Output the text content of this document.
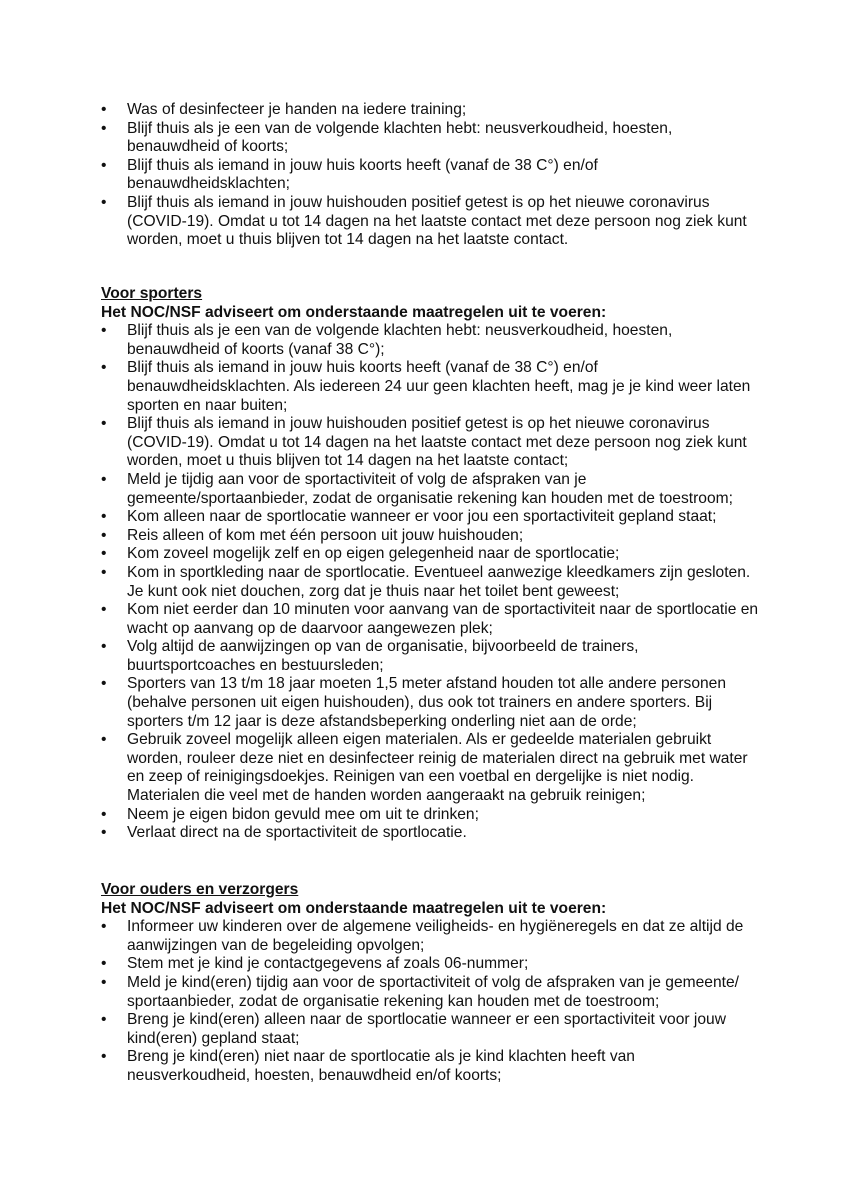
•	Was of desinfecteer je handen na iedere training;
•	Blijf thuis als je een van de volgende klachten hebt: neusverkoudheid, hoesten, benauwdheid of koorts;
•	Blijf thuis als iemand in jouw huis koorts heeft (vanaf de 38 C°) en/of benauwdheidsklachten;
•	Blijf thuis als iemand in jouw huishouden positief getest is op het nieuwe coronavirus (COVID-19). Omdat u tot 14 dagen na het laatste contact met deze persoon nog ziek kunt worden, moet u thuis blijven tot 14 dagen na het laatste contact.
Voor sporters
Het NOC/NSF adviseert om onderstaande maatregelen uit te voeren:
•	Blijf thuis als je een van de volgende klachten hebt: neusverkoudheid, hoesten, benauwdheid of koorts (vanaf 38 C°);
•	Blijf thuis als iemand in jouw huis koorts heeft (vanaf de 38 C°) en/of benauwdheidsklachten. Als iedereen 24 uur geen klachten heeft, mag je je kind weer laten sporten en naar buiten;
•	Blijf thuis als iemand in jouw huishouden positief getest is op het nieuwe coronavirus (COVID-19). Omdat u tot 14 dagen na het laatste contact met deze persoon nog ziek kunt worden, moet u thuis blijven tot 14 dagen na het laatste contact;
•	Meld je tijdig aan voor de sportactiviteit of volg de afspraken van je gemeente/sportaanbieder, zodat de organisatie rekening kan houden met de toestroom;
•	Kom alleen naar de sportlocatie wanneer er voor jou een sportactiviteit gepland staat;
•	Reis alleen of kom met één persoon uit jouw huishouden;
•	Kom zoveel mogelijk zelf en op eigen gelegenheid naar de sportlocatie;
•	Kom in sportkleding naar de sportlocatie. Eventueel aanwezige kleedkamers zijn gesloten. Je kunt ook niet douchen, zorg dat je thuis naar het toilet bent geweest;
•	Kom niet eerder dan 10 minuten voor aanvang van de sportactiviteit naar de sportlocatie en wacht op aanvang op de daarvoor aangewezen plek;
•	Volg altijd de aanwijzingen op van de organisatie, bijvoorbeeld de trainers, buurtsportcoaches en bestuursleden;
•	Sporters van 13 t/m 18 jaar moeten 1,5 meter afstand houden tot alle andere personen (behalve personen uit eigen huishouden), dus ook tot trainers en andere sporters. Bij sporters t/m 12 jaar is deze afstandsbeperking onderling niet aan de orde;
•	Gebruik zoveel mogelijk alleen eigen materialen. Als er gedeelde materialen gebruikt worden, rouleer deze niet en desinfecteer reinig de materialen direct na gebruik met water en zeep of reinigingsdoekjes. Reinigen van een voetbal en dergelijke is niet nodig. Materialen die veel met de handen worden aangeraakt na gebruik reinigen;
•	Neem je eigen bidon gevuld mee om uit te drinken;
•	Verlaat direct na de sportactiviteit de sportlocatie.
Voor ouders en verzorgers
Het NOC/NSF adviseert om onderstaande maatregelen uit te voeren:
•	Informeer uw kinderen over de algemene veiligheids- en hygiëneregels en dat ze altijd de aanwijzingen van de begeleiding opvolgen;
•	Stem met je kind je contactgegevens af zoals 06-nummer;
•	Meld je kind(eren) tijdig aan voor de sportactiviteit of volg de afspraken van je gemeente/ sportaanbieder, zodat de organisatie rekening kan houden met de toestroom;
•	Breng je kind(eren) alleen naar de sportlocatie wanneer er een sportactiviteit voor jouw kind(eren) gepland staat;
•	Breng je kind(eren) niet naar de sportlocatie als je kind klachten heeft van neusverkoudheid, hoesten, benauwdheid en/of koorts;
